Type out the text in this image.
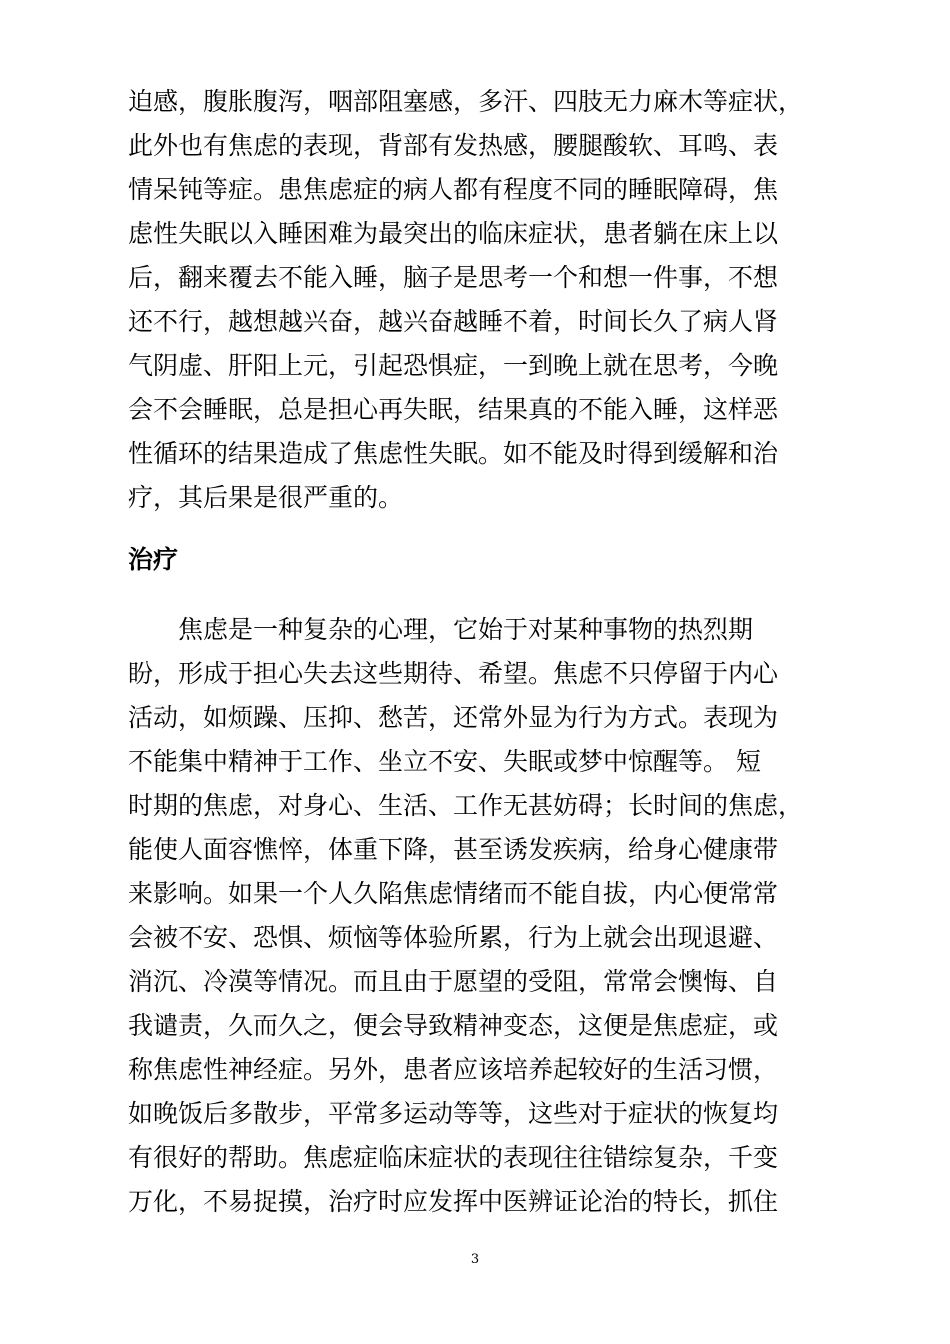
迫感，腹胀腹泻，咽部阻塞感，多汗、四肢无力麻木等症状，
此外也有焦虑的表现，背部有发热感，腰腿酸软、耳鸣、表
情呆钝等症。患焦虑症的病人都有程度不同的睡眠障碍，焦
虑性失眠以入睡困难为最突出的临床症状，患者躺在床上以
后，翻来覆去不能入睡，脑子是思考一个和想一件事，不想
还不行，越想越兴奋，越兴奋越睡不着，时间长久了病人肾
气阴虚、肝阳上元，引起恐惧症，一到晚上就在思考，今晚
会不会睡眠，总是担心再失眠，结果真的不能入睡，这样恶
性循环的结果造成了焦虑性失眠。如不能及时得到缓解和治
疗，其后果是很严重的。
治疗
　　焦虑是一种复杂的心理，它始于对某种事物的热烈期
盼，形成于担心失去这些期待、希望。焦虑不只停留于内心
活动，如烦躁、压抑、愁苦，还常外显为行为方式。表现为
不能集中精神于工作、坐立不安、失眠或梦中惊醒等。 短
时期的焦虑，对身心、生活、工作无甚妨碍；长时间的焦虑，
能使人面容憔悴，体重下降，甚至诱发疾病，给身心健康带
来影响。如果一个人久陷焦虑情绪而不能自拔，内心便常常
会被不安、恐惧、烦恼等体验所累，行为上就会出现退避、
消沉、冷漠等情况。而且由于愿望的受阻，常常会懊悔、自
我谴责，久而久之，便会导致精神变态，这便是焦虑症，或
称焦虑性神经症。另外，患者应该培养起较好的生活习惯，
如晚饭后多散步，平常多运动等等，这些对于症状的恢复均
有很好的帮助。焦虑症临床症状的表现往往错综复杂，千变
万化，不易捉摸，治疗时应发挥中医辨证论治的特长，抓住
3
